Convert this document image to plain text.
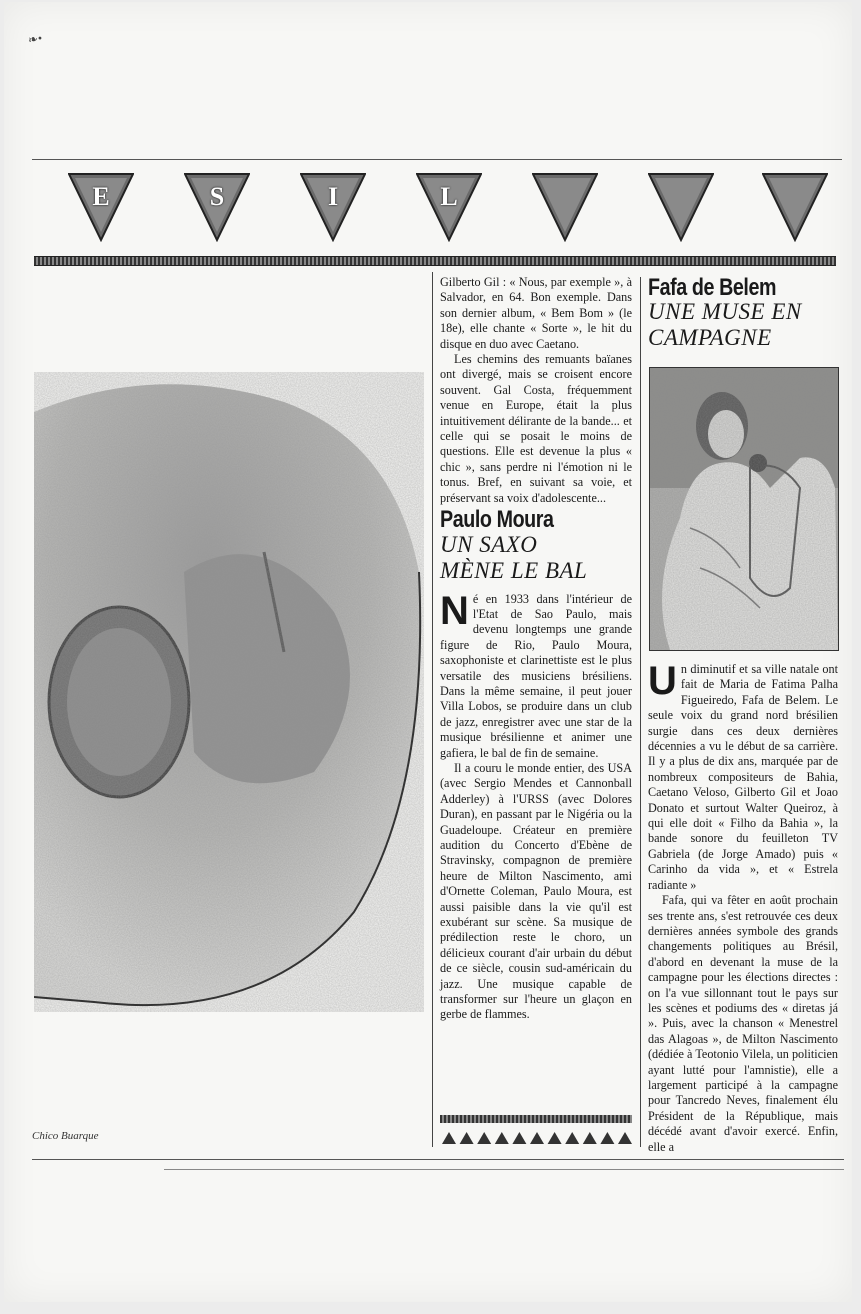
❧•
E	S	I	L
Chico Buarque

Gilberto Gil : « Nous, par exemple », à Salvador, en 64. Bon exemple. Dans son dernier album, « Bem Bom » (le 18e), elle chante « Sorte », le hit du disque en duo avec Caetano.

Les chemins des remuants baïanes ont divergé, mais se croisent encore souvent. Gal Costa, fréquemment venue en Europe, était la plus intuitivement délirante de la bande... et celle qui se posait le moins de questions. Elle est devenue la plus « chic », sans perdre ni l'émotion ni le tonus. Bref, en suivant sa voie, et préservant sa voix d'adolescente...

Paulo Moura
UN SAXO
MÈNE LE BAL

Né en 1933 dans l'intérieur de l'Etat de Sao Paulo, mais devenu longtemps une grande figure de Rio, Paulo Moura, saxophoniste et clarinettiste est le plus versatile des musiciens brésiliens. Dans la même semaine, il peut jouer Villa Lobos, se produire dans un club de jazz, enregistrer avec une star de la musique brésilienne et animer une gafiera, le bal de fin de semaine.

Il a couru le monde entier, des USA (avec Sergio Mendes et Cannonball Adderley) à l'URSS (avec Dolores Duran), en passant par le Nigéria ou la Guadeloupe. Créateur en première audition du Concerto d'Ebène de Stravinsky, compagnon de première heure de Milton Nascimento, ami d'Ornette Coleman, Paulo Moura, est aussi paisible dans la vie qu'il est exubérant sur scène. Sa musique de prédilection reste le choro, un délicieux courant d'air urbain du début de ce siècle, cousin sud-américain du jazz. Une musique capable de transformer sur l'heure un glaçon en gerbe de flammes.

Fafa de Belem
UNE MUSE EN
CAMPAGNE

Un diminutif et sa ville natale ont fait de Maria de Fatima Palha Figueiredo, Fafa de Belem. Le seule voix du grand nord brésilien surgie dans ces deux dernières décennies a vu le début de sa carrière. Il y a plus de dix ans, marquée par de nombreux compositeurs de Bahia, Caetano Veloso, Gilberto Gil et Joao Donato et surtout Walter Queiroz, à qui elle doit « Filho da Bahia », la bande sonore du feuilleton TV Gabriela (de Jorge Amado) puis « Carinho da vida », et « Estrela radiante »

Fafa, qui va fêter en août prochain ses trente ans, s'est retrouvée ces deux dernières années symbole des grands changements politiques au Brésil, d'abord en devenant la muse de la campagne pour les élections directes : on l'a vue sillonnant tout le pays sur les scènes et podiums des « diretas já ». Puis, avec la chanson « Menestrel das Alagoas », de Milton Nascimento (dédiée à Teotonio Vilela, un politicien ayant lutté pour l'amnistie), elle a largement participé à la campagne pour Tancredo Neves, finalement élu Président de la République, mais décédé avant d'avoir exercé. Enfin, elle a
